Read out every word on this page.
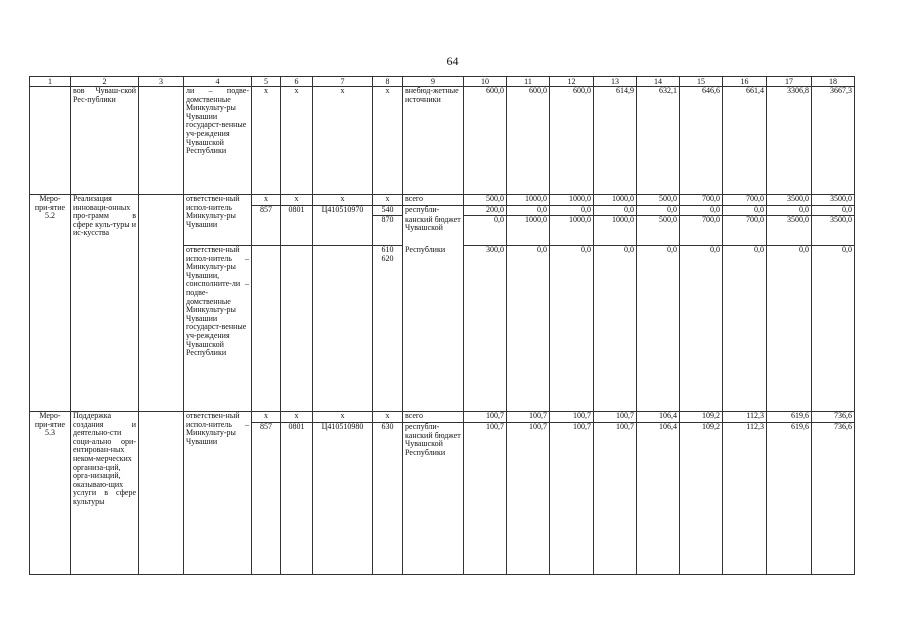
64
1	2	3	4	5	6	7	8	9	10	11	12	13	14	15	16	17	18
	вов Чуваш-ской Рес-публики		ли – подве-домственные Минкульту-ры Чувашии государст-венные уч-реждения Чувашской Республики	x	x	x	x	внебюд-жетные источники	600,0	600,0	600,0	614,9	632,1	646,6	661,4	3306,8	3667,3
Меро-при-ятие 5.2	Реализация инноваци-онных про-грамм в сфере куль-туры и ис-кусства		ответствен-ный испол-нитель Минкульту-ры Чувашии	x	x	x	x	всего	500,0	1000,0	1000,0	1000,0	500,0	700,0	700,0	3500,0	3500,0
				857	0801	Ц410510970	540	республи-	200,0	0,0	0,0	0,0	0,0	0,0	0,0	0,0	0,0
							870	канский бюджет Чувашской	0,0	1000,0	1000,0	1000,0	500,0	700,0	700,0	3500,0	3500,0
			ответствен-ный испол-нитель – Минкульту-ры Чувашии, соисполните-ли – подве-домственные Минкульту-ры Чувашии государст-венные уч-реждения Чувашской Республики				610 620	Республики	300,0	0,0	0,0	0,0	0,0	0,0	0,0	0,0	0,0
Меро-при-ятие 5.3	Поддержка создания и деятельно-сти соци-ально ори-ентирован-ных неком-мерческих организа-ций, орга-низаций, оказываю-щих услуги в сфере культуры		ответствен-ный испол-нитель – Минкульту-ры Чувашии	x	x	x	x	всего	100,7	100,7	100,7	100,7	106,4	109,2	112,3	619,6	736,6
				857	0801	Ц410510980	630	республи-канский бюджет Чувашской Республики	100,7	100,7	100,7	100,7	106,4	109,2	112,3	619,6	736,6
